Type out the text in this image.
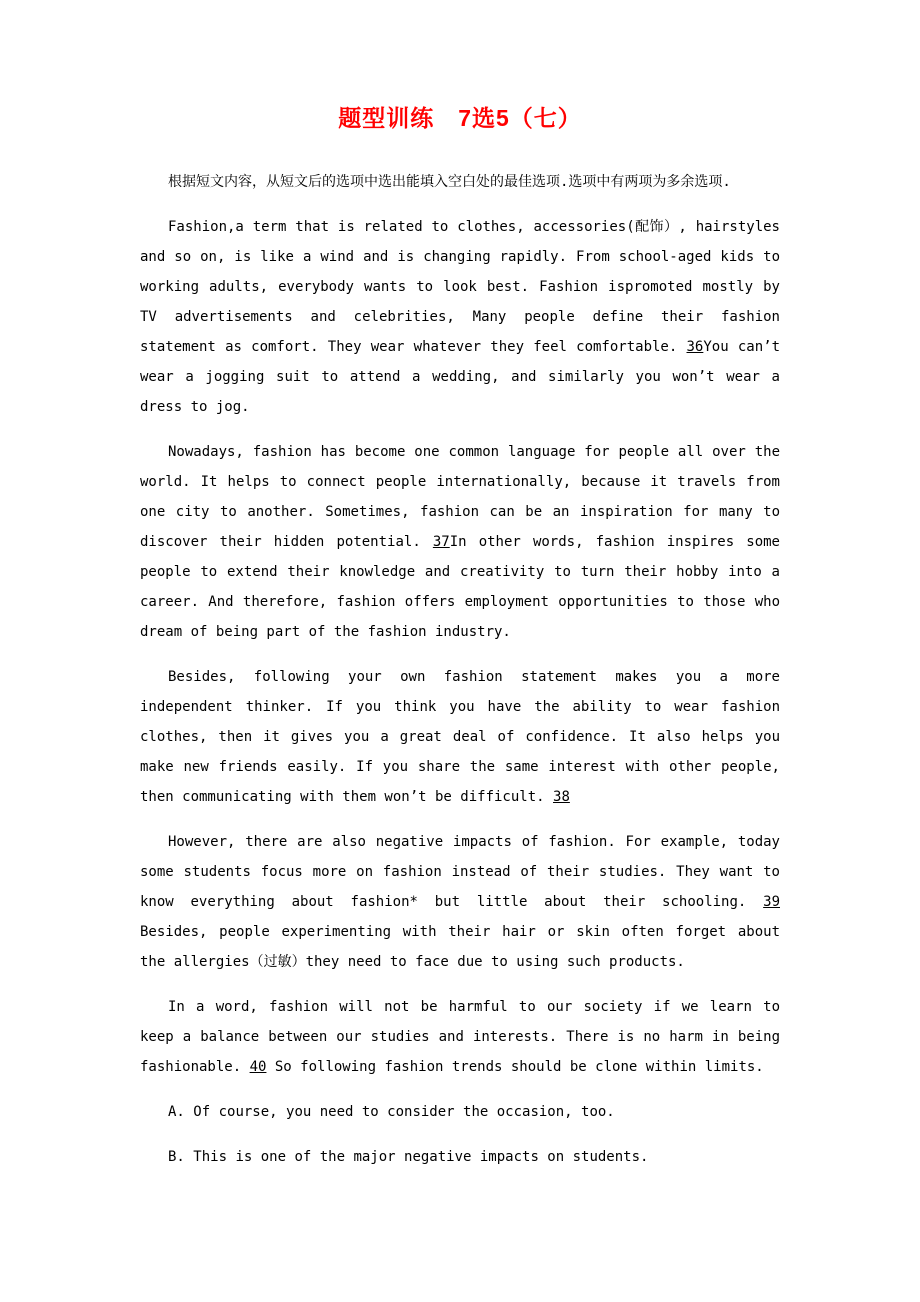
题型训练　7选5（七）

根据短文内容，从短文后的选项中选出能填入空白处的最佳选项.选项中有两项为多余选项.

Fashion,a term that is related to clothes, accessories(配饰）, hairstyles and so on, is like a wind and is changing rapidly. From school-aged kids to working adults, everybody wants to look best. Fashion ispromoted mostly by TV advertisements and celebrities, Many people define their fashion statement as comfort. They wear whatever they feel comfortable. 36You can’t wear a jogging suit to attend a wedding, and similarly you won’t wear a dress to jog.

Nowadays, fashion has become one common language for people all over the world. It helps to connect people internationally, because it travels from one city to another. Sometimes, fashion can be an inspiration for many to discover their hidden potential. 37In other words, fashion inspires some people to extend their knowledge and creativity to turn their hobby into a career. And therefore, fashion offers employment opportunities to those who dream of being part of the fashion industry.

Besides, following your own fashion statement makes you a more independent thinker. If you think you have the ability to wear fashion clothes, then it gives you a great deal of confidence. It also helps you make new friends easily. If you share the same interest with other people, then communicating with them won’t be difficult. 38

However, there are also negative impacts of fashion. For example, today some students focus more on fashion instead of their studies. They want to know everything about fashion* but little about their schooling. 39 Besides, people experimenting with their hair or skin often forget about the allergies（过敏）they need to face due to using such products.

In a word, fashion will not be harmful to our society if we learn to keep a balance between our studies and interests. There is no harm in being fashionable. 40 So following fashion trends should be clone within limits.

A. Of course, you need to consider the occasion, too.

B. This is one of the major negative impacts on students.
